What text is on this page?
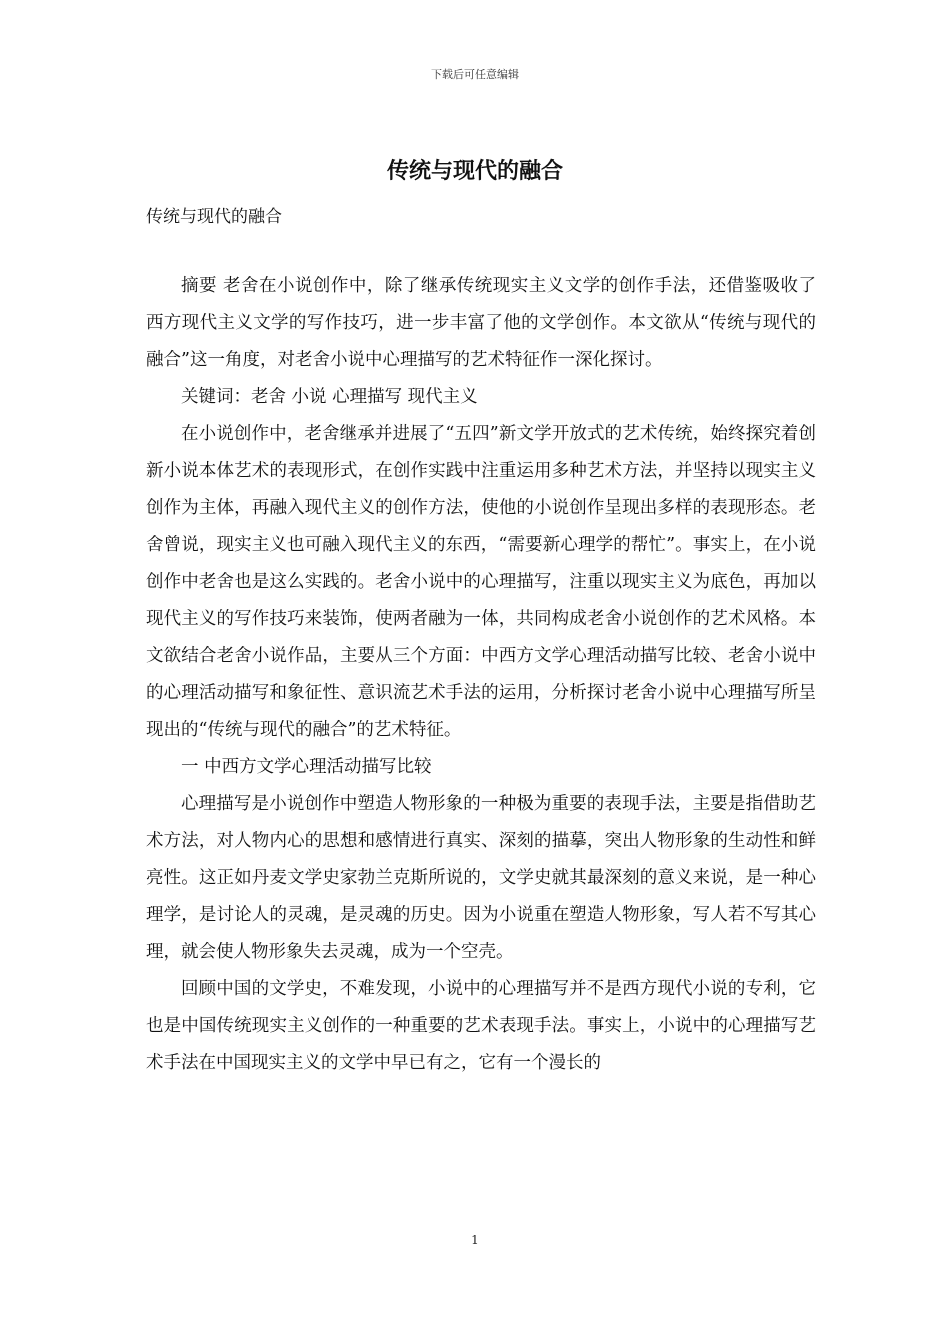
下载后可任意编辑
传统与现代的融合

传统与现代的融合

摘要 老舍在小说创作中，除了继承传统现实主义文学的创作手法，还借鉴吸收了西方现代主义文学的写作技巧，进一步丰富了他的文学创作。本文欲从“传统与现代的融合”这一角度，对老舍小说中心理描写的艺术特征作一深化探讨。

关键词：老舍 小说 心理描写 现代主义

在小说创作中，老舍继承并进展了“五四”新文学开放式的艺术传统，始终探究着创新小说本体艺术的表现形式，在创作实践中注重运用多种艺术方法，并坚持以现实主义创作为主体，再融入现代主义的创作方法，使他的小说创作呈现出多样的表现形态。老舍曾说，现实主义也可融入现代主义的东西，“需要新心理学的帮忙”。事实上，在小说创作中老舍也是这么实践的。老舍小说中的心理描写，注重以现实主义为底色，再加以现代主义的写作技巧来装饰，使两者融为一体，共同构成老舍小说创作的艺术风格。本文欲结合老舍小说作品，主要从三个方面：中西方文学心理活动描写比较、老舍小说中的心理活动描写和象征性、意识流艺术手法的运用，分析探讨老舍小说中心理描写所呈现出的“传统与现代的融合”的艺术特征。

一 中西方文学心理活动描写比较

心理描写是小说创作中塑造人物形象的一种极为重要的表现手法，主要是指借助艺术方法，对人物内心的思想和感情进行真实、深刻的描摹，突出人物形象的生动性和鲜亮性。这正如丹麦文学史家勃兰克斯所说的，文学史就其最深刻的意义来说，是一种心理学，是讨论人的灵魂，是灵魂的历史。因为小说重在塑造人物形象，写人若不写其心理，就会使人物形象失去灵魂，成为一个空壳。

回顾中国的文学史，不难发现，小说中的心理描写并不是西方现代小说的专利，它也是中国传统现实主义创作的一种重要的艺术表现手法。事实上，小说中的心理描写艺术手法在中国现实主义的文学中早已有之，它有一个漫长的

1
